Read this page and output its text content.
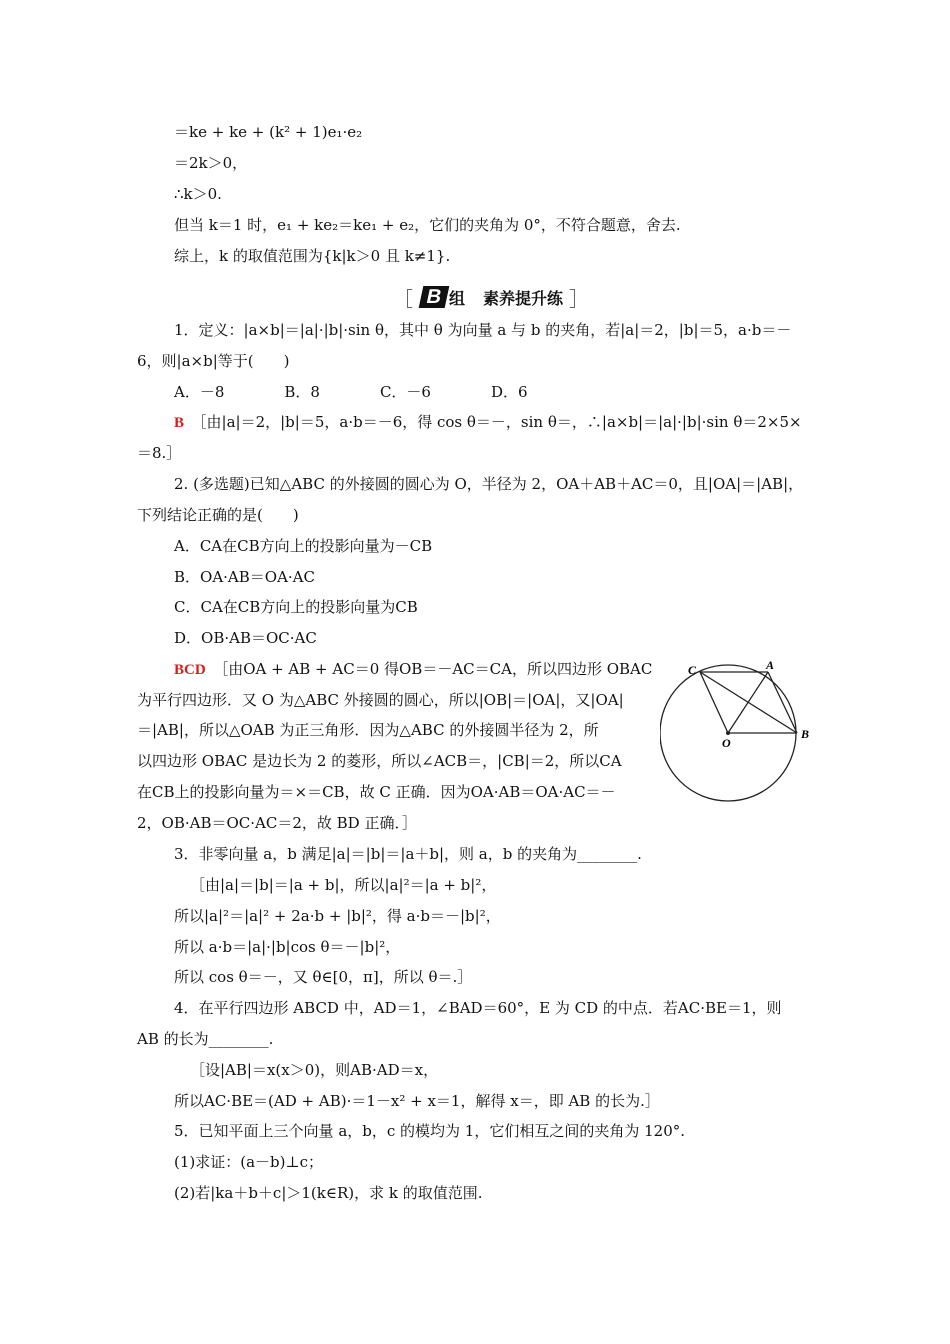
＝ke + ke + (k² + 1)e₁·e₂
＝2k＞0，
∴k＞0.
但当 k＝1 时，e₁ + ke₂＝ke₁ + e₂，它们的夹角为 0°，不符合题意，舍去.
综上，k 的取值范围为{k|k＞0 且 k≠1}.
［ B 组 素养提升练 ］
1．定义：|a×b|＝|a|·|b|·sin θ，其中 θ 为向量 a 与 b 的夹角，若|a|＝2，|b|＝5，a·b＝－
6，则|a×b|等于(　　)
A．－8　　　　B．8　　　　C．－6　　　　D．6
B　 ［由|a|＝2，|b|＝5，a·b＝－6，得 cos θ＝－，sin θ＝，∴|a×b|＝|a|·|b|·sin θ＝2×5×
＝8.］
2. (多选题)已知△ABC 的外接圆的圆心为 O，半径为 2，OA＋AB＋AC＝0，且|OA|＝|AB|，
下列结论正确的是(　　)
A．CA在CB方向上的投影向量为－CB
B．OA·AB＝OA·AC
C．CA在CB方向上的投影向量为CB
D．OB·AB＝OC·AC
BCD　 ［由OA + AB + AC＝0 得OB＝－AC＝CA，所以四边形 OBAC
为平行四边形．又 O 为△ABC 外接圆的圆心，所以|OB|＝|OA|，又|OA|
＝|AB|，所以△OAB 为正三角形．因为△ABC 的外接圆半径为 2，所
以四边形 OBAC 是边长为 2 的菱形，所以∠ACB＝，|CB|＝2，所以CA
在CB上的投影向量为＝×＝CB，故 C 正确．因为OA·AB＝OA·AC＝－
2，OB·AB＝OC·AC＝2，故 BD 正确．］
C	A
B
O
3．非零向量 a，b 满足|a|＝|b|＝|a＋b|，则 a，b 的夹角为________.
［由|a|＝|b|＝|a + b|，所以|a|²＝|a + b|²，
所以|a|²＝|a|² + 2a·b + |b|²，得 a·b＝－|b|²，
所以 a·b＝|a|·|b|cos θ＝－|b|²，
所以 cos θ＝－，又 θ∈[0，π]，所以 θ＝.］
4．在平行四边形 ABCD 中，AD＝1，∠BAD＝60°，E 为 CD 的中点．若AC·BE＝1，则
AB 的长为________.
［设|AB|＝x(x＞0)，则AB·AD＝x，
所以AC·BE＝(AD + AB)·＝1－x² + x＝1，解得 x＝，即 AB 的长为.］
5．已知平面上三个向量 a，b，c 的模均为 1，它们相互之间的夹角为 120°.
(1)求证：(a－b)⊥c；
(2)若|ka＋b＋c|＞1(k∈R)，求 k 的取值范围.
